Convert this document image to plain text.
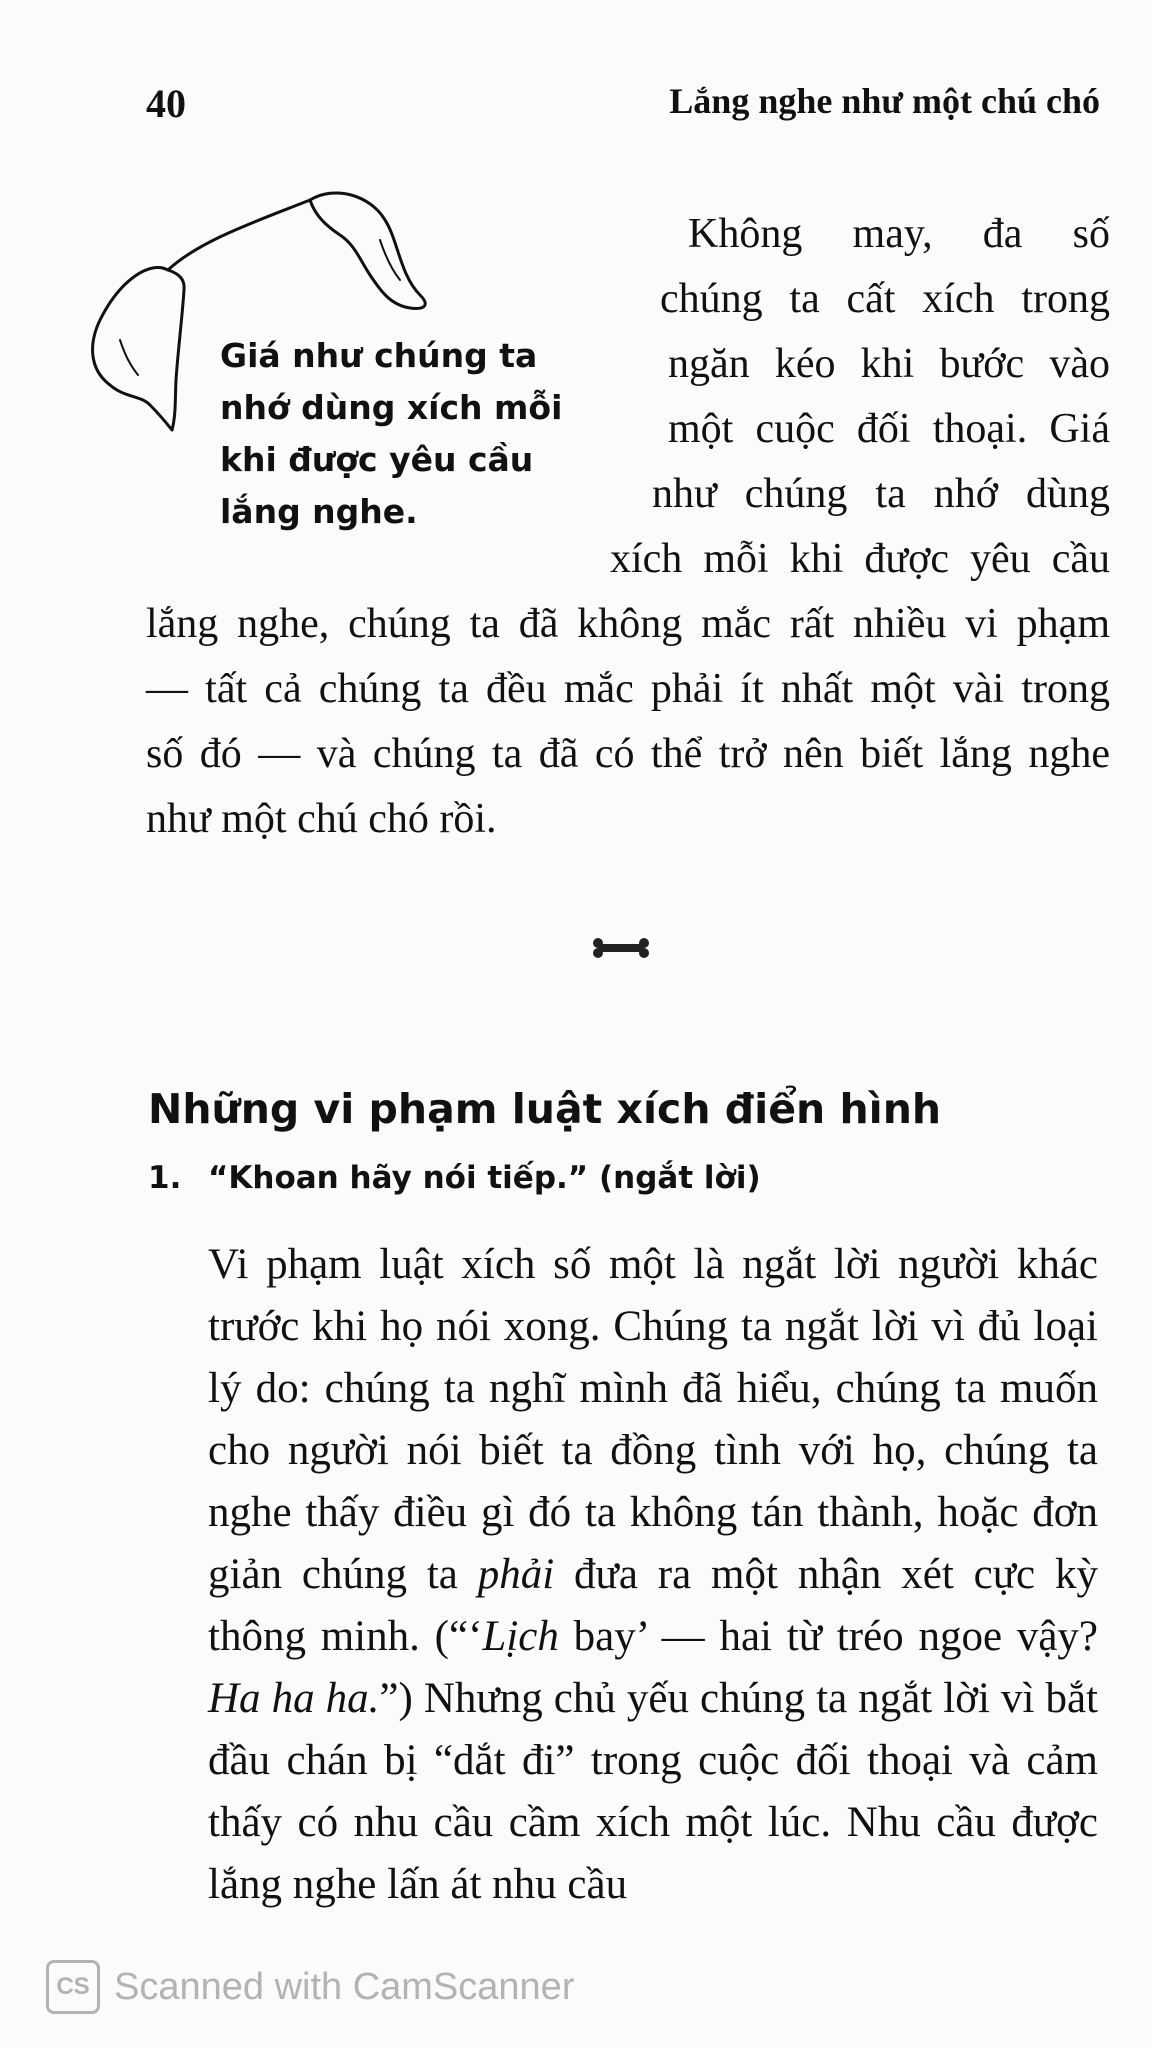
40	Lắng nghe như một chú chó
Giá như chúng ta nhớ dùng xích mỗi khi được yêu cầu lắng nghe.
Không may, đa số
chúng ta cất xích trong
ngăn kéo khi bước vào
một cuộc đối thoại. Giá
như chúng ta nhớ dùng
xích mỗi khi được yêu cầu
lắng nghe, chúng ta đã không mắc rất nhiều vi phạm
— tất cả chúng ta đều mắc phải ít nhất một vài trong
số đó — và chúng ta đã có thể trở nên biết lắng nghe
như một chú chó rồi.
Những vi phạm luật xích điển hình
1. “Khoan hãy nói tiếp.” (ngắt lời)

Vi phạm luật xích số một là ngắt lời người khác trước khi họ nói xong. Chúng ta ngắt lời vì đủ loại lý do: chúng ta nghĩ mình đã hiểu, chúng ta muốn cho người nói biết ta đồng tình với họ, chúng ta nghe thấy điều gì đó ta không tán thành, hoặc đơn giản chúng ta phải đưa ra một nhận xét cực kỳ thông minh. (“‘Lịch bay’ — hai từ tréo ngoe vậy? Ha ha ha.”) Nhưng chủ yếu chúng ta ngắt lời vì bắt đầu chán bị “dắt đi” trong cuộc đối thoại và cảm thấy có nhu cầu cầm xích một lúc. Nhu cầu được lắng nghe lấn át nhu cầu

CS Scanned with CamScanner
